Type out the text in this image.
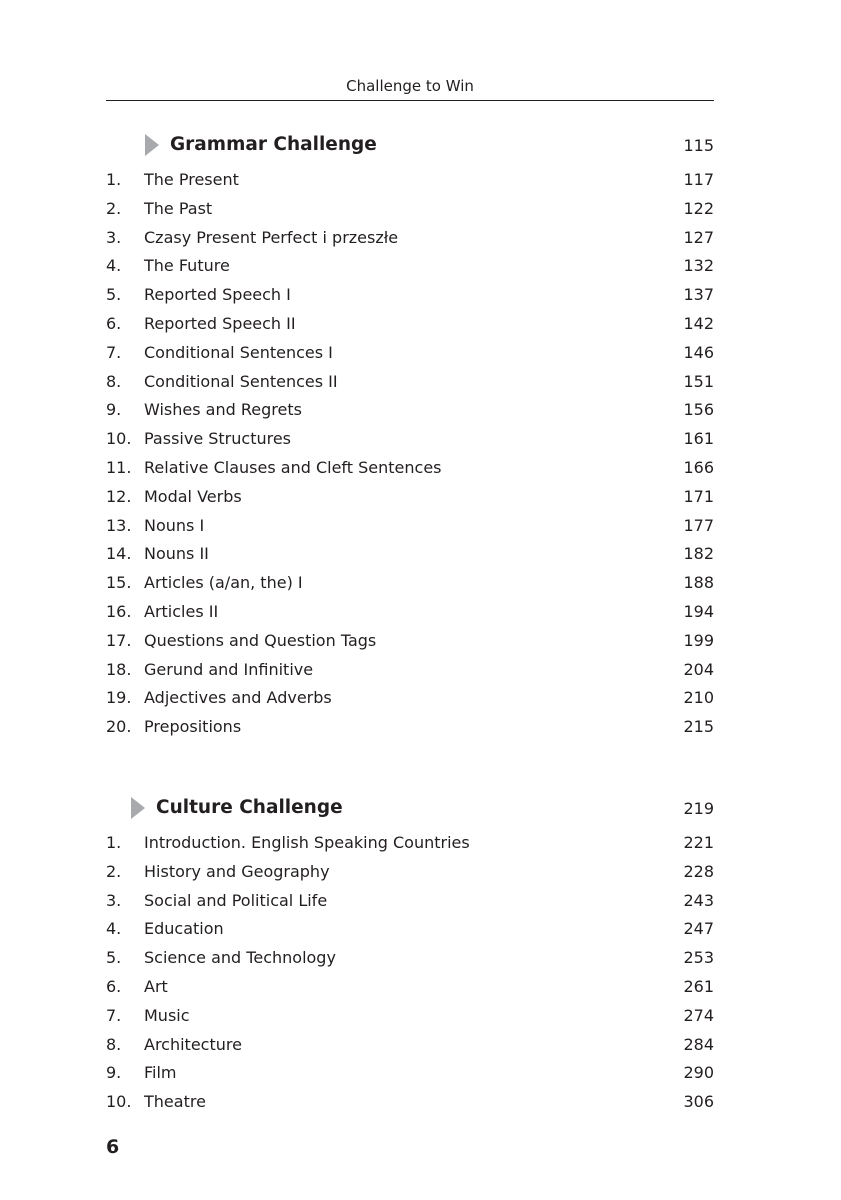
Challenge to Win
Grammar Challenge	115
1. The Present	117
2. The Past	122
3. Czasy Present Perfect i przeszłe	127
4. The Future	132
5. Reported Speech I	137
6. Reported Speech II	142
7. Conditional Sentences I	146
8. Conditional Sentences II	151
9. Wishes and Regrets	156
10. Passive Structures	161
11. Relative Clauses and Cleft Sentences	166
12. Modal Verbs	171
13. Nouns I	177
14. Nouns II	182
15. Articles (a/an, the) I	188
16. Articles II	194
17. Questions and Question Tags	199
18. Gerund and Infinitive	204
19. Adjectives and Adverbs	210
20. Prepositions	215
Culture Challenge	219
1. Introduction. English Speaking Countries	221
2. History and Geography	228
3. Social and Political Life	243
4. Education	247
5. Science and Technology	253
6. Art	261
7. Music	274
8. Architecture	284
9. Film	290
10. Theatre	306
6
